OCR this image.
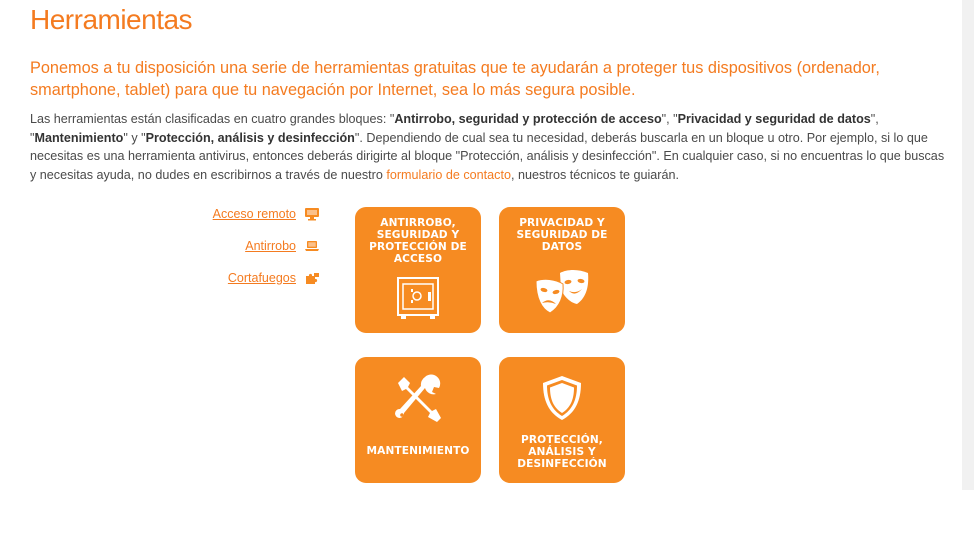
Herramientas

Ponemos a tu disposición una serie de herramientas gratuitas que te ayudarán a proteger tus dispositivos (ordenador, smartphone, tablet) para que tu navegación por Internet, sea lo más segura posible.

Las herramientas están clasificadas en cuatro grandes bloques: "Antirrobo, seguridad y protección de acceso", "Privacidad y seguridad de datos", "Mantenimiento" y "Protección, análisis y desinfección". Dependiendo de cual sea tu necesidad, deberás buscarla en un bloque u otro. Por ejemplo, si lo que necesitas es una herramienta antivirus, entonces deberás dirigirte al bloque "Protección, análisis y desinfección". En cualquier caso, si no encuentras lo que buscas y necesitas ayuda, no dudes en escribirnos a través de nuestro formulario de contacto, nuestros técnicos te guiarán.

Acceso remoto
Antirrobo
Cortafuegos
ANTIRROBO, SEGURIDAD Y PROTECCIÓN DE ACCESO
PRIVACIDAD Y SEGURIDAD DE DATOS
MANTENIMIENTO
PROTECCIÓN, ANÁLISIS Y DESINFECCIÓN
